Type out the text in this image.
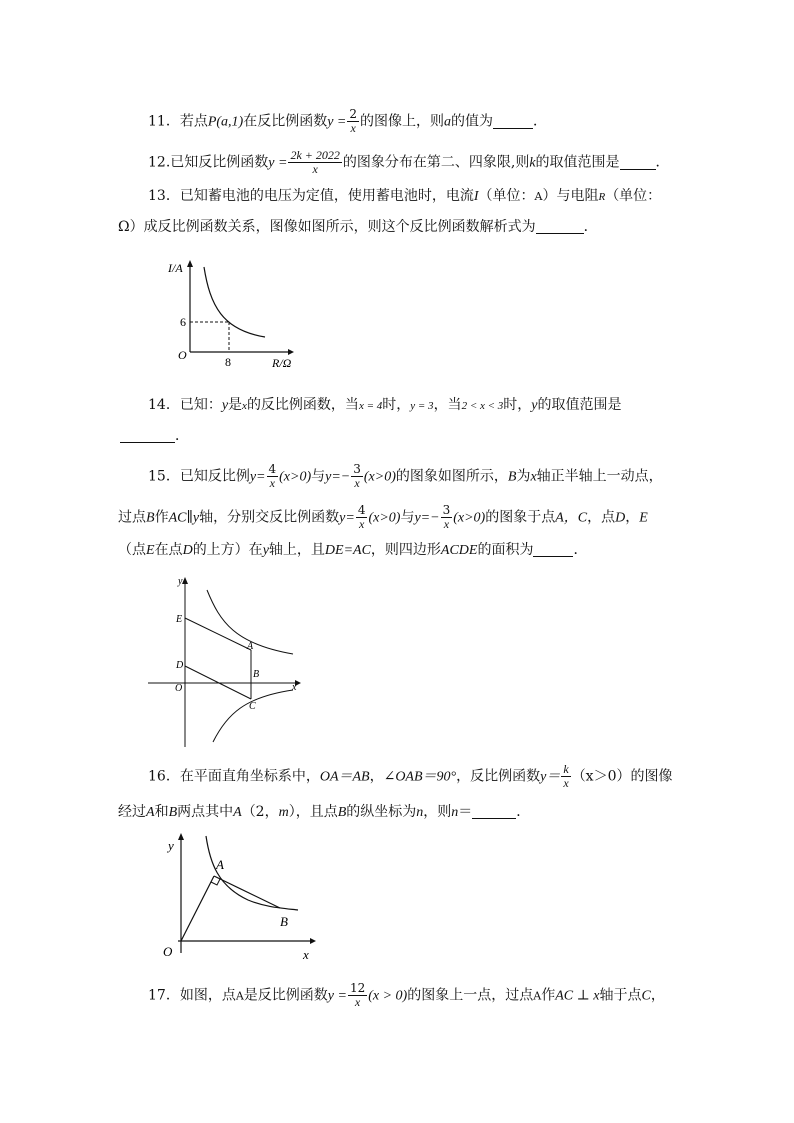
11．若点P(a,1)在反比例函数$y = \frac{2}{x}$ 的图像上，则a的值为	．
12.已知反比例函数$y = \frac{2k + 2022}{x}$ 的图象分布在第二、四象限,则k的取值范围是	．
13．已知蓄电池的电压为定值，使用蓄电池时，电流I（单位：A）与电阻R（单位：
Ω）成反比例函数关系，图像如图所示，则这个反比例函数解析式为	．
I/A
R/Ω
O
6
8
14．已知：y是x的反比例函数，当x = 4时，y = 3，当2 < x < 3时，y的取值范围是
．
15．已知反比例$y= \frac{4}{x} (x>0)$与$y=- \frac{3}{x} (x>0)$的图象如图所示，B为x轴正半轴上一动点，
过点B作AC∥y轴，分别交反比例函数$y= \frac{4}{x} (x>0)$与$y=- \frac{3}{x} (x>0)$的图象于点A，C，点D，E
（点E在点D的上方）在y轴上，且DE=AC，则四边形ACDE的面积为	．
y
x
O
E
D
A
B
C
16．在平面直角坐标系中，OA＝AB，∠OAB＝90°，反比例函数$y= \frac{k}{x} (x>0)$的图像
经过A和B两点其中A（2，m），且点B的纵坐标为n，则n＝	．
y
x
O
A
B
17．如图，点A是反比例函数$y = \frac{12}{x} (x > 0)$的图象上一点，过点A作AC ⊥ x轴于点C，
